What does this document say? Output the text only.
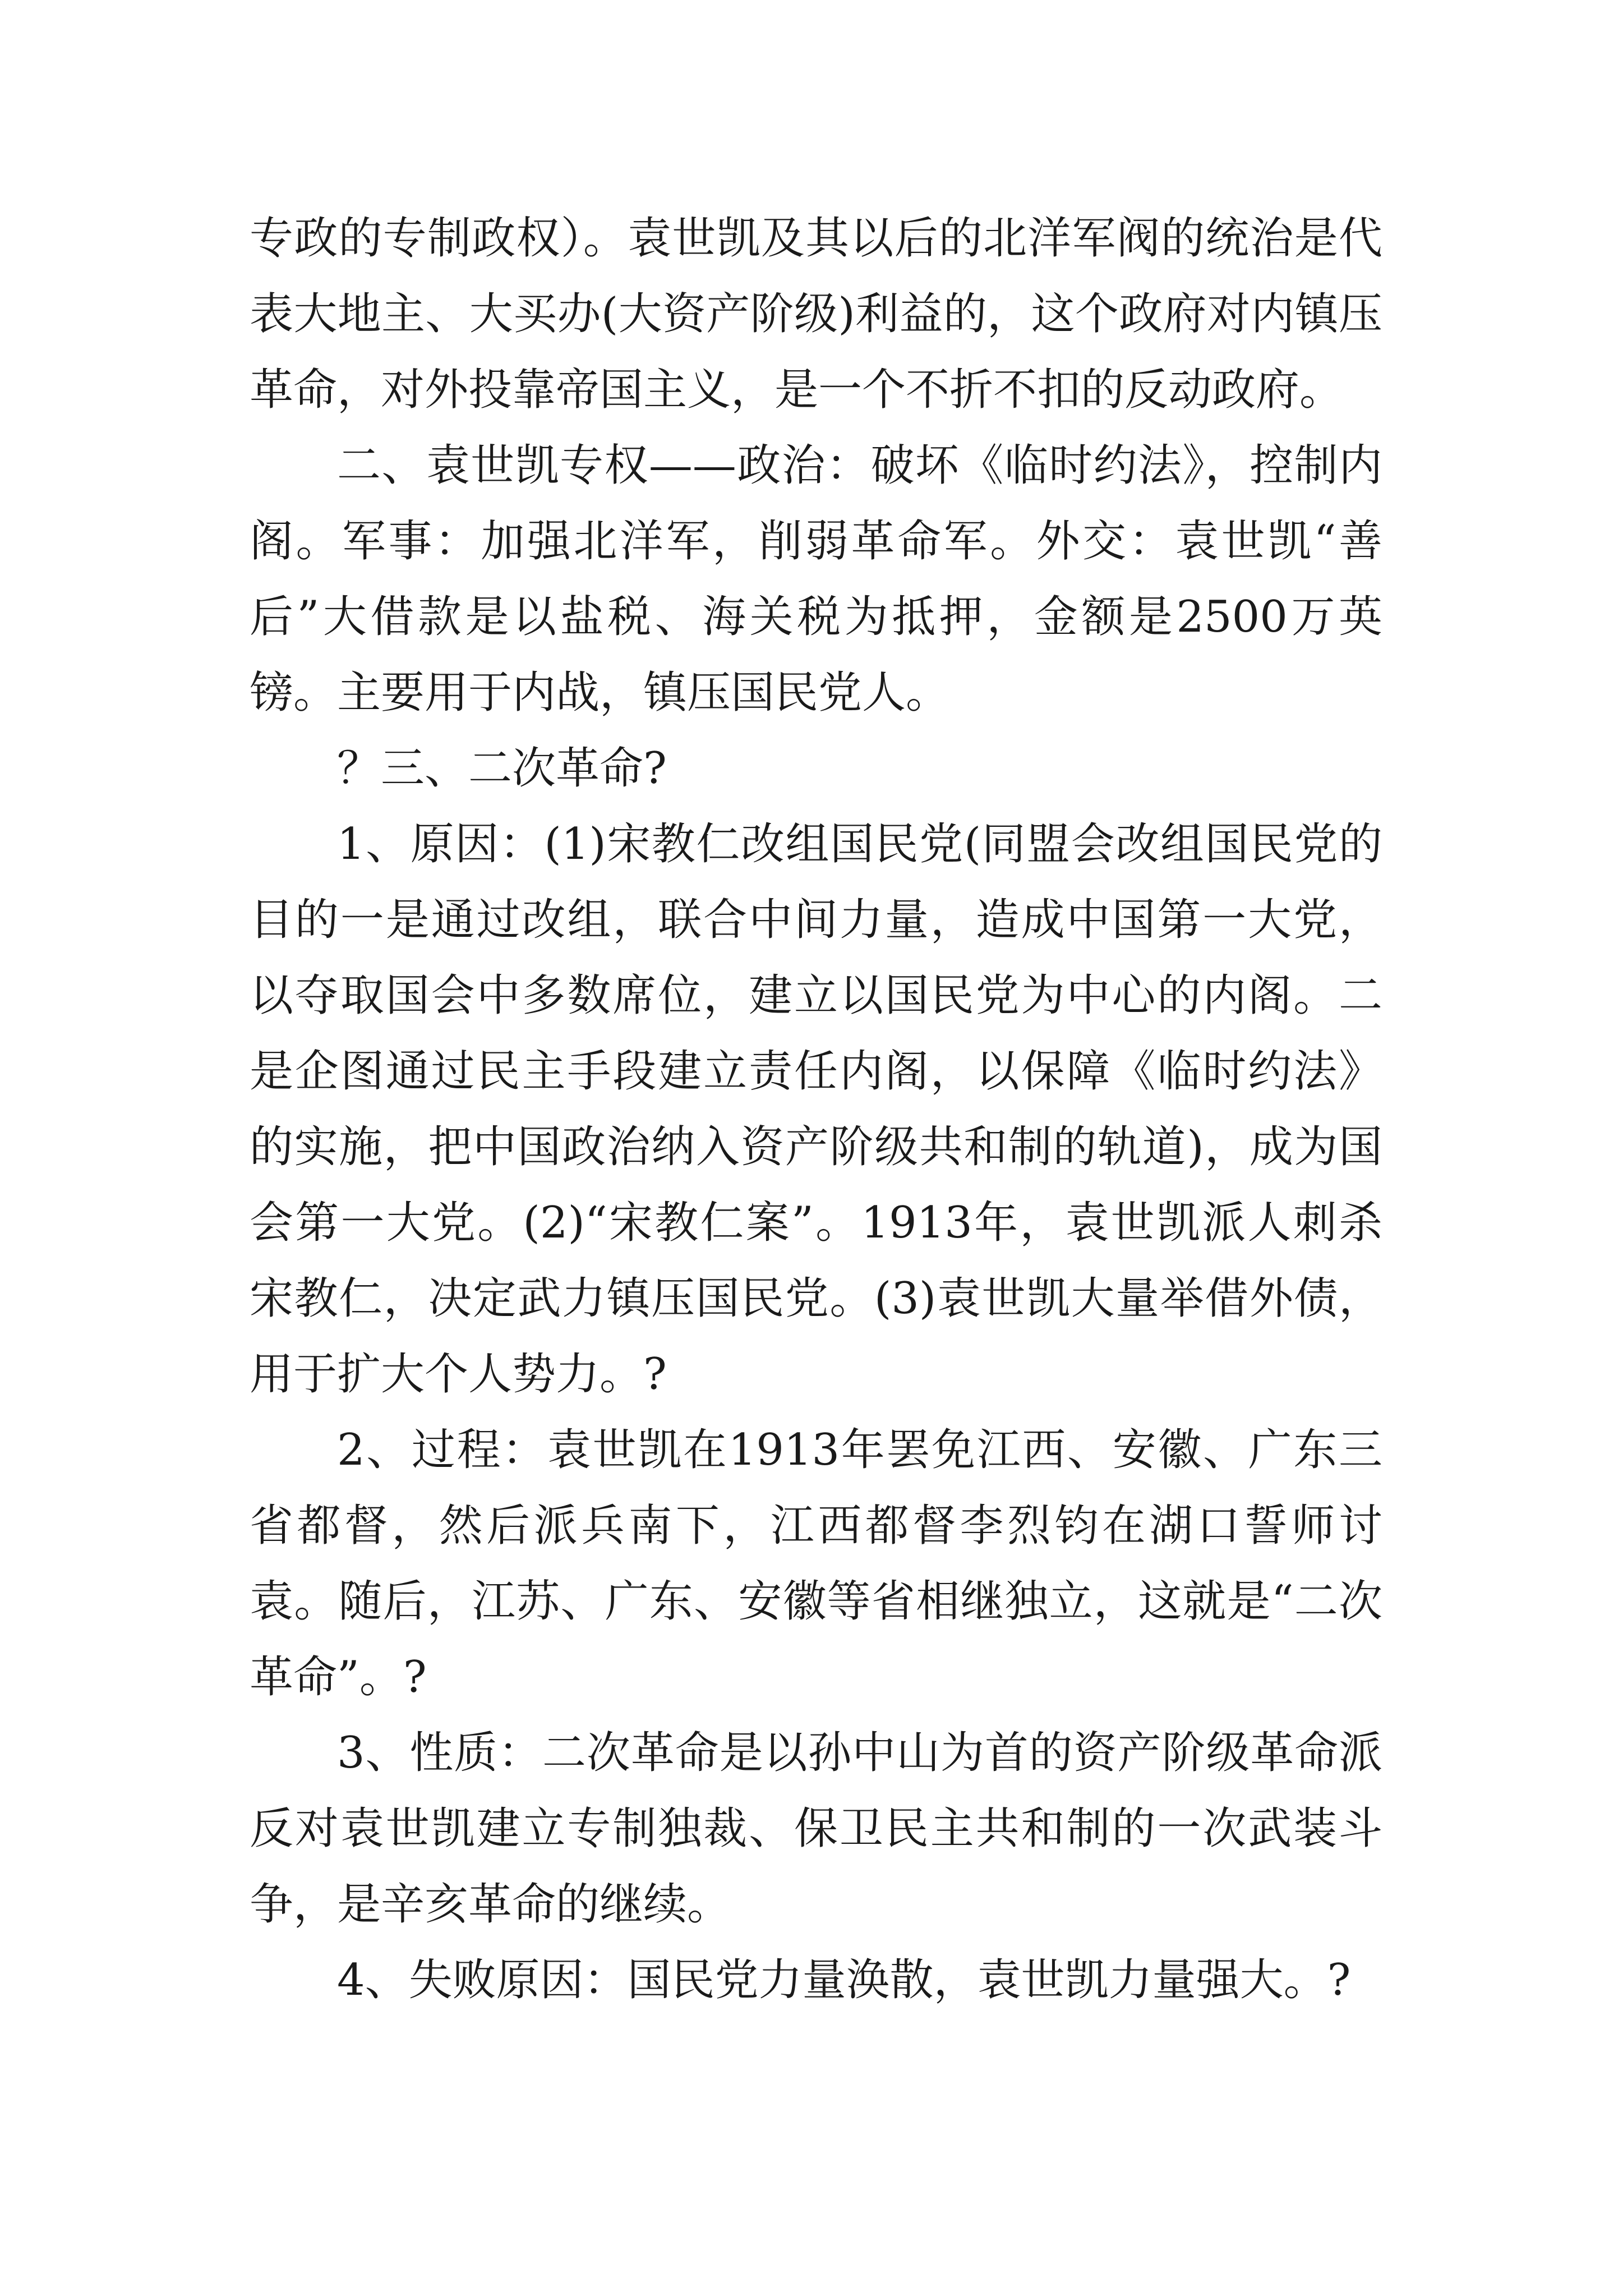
专政的专制政权）。袁世凯及其以后的北洋军阀的统治是代表大地主、大买办(大资产阶级)利益的，这个政府对内镇压革命，对外投靠帝国主义，是一个不折不扣的反动政府。

二、袁世凯专权——政治：破坏《临时约法》，控制内阁。军事：加强北洋军，削弱革命军。外交：袁世凯“善后”大借款是以盐税、海关税为抵押，金额是2500万英镑。主要用于内战，镇压国民党人。

？三、二次革命?

1、原因：(1)宋教仁改组国民党(同盟会改组国民党的目的一是通过改组，联合中间力量，造成中国第一大党，以夺取国会中多数席位，建立以国民党为中心的内阁。二是企图通过民主手段建立责任内阁，以保障《临时约法》的实施，把中国政治纳入资产阶级共和制的轨道)，成为国会第一大党。(2)“宋教仁案”。1913年，袁世凯派人刺杀宋教仁，决定武力镇压国民党。(3)袁世凯大量举借外债，用于扩大个人势力。?

2、过程：袁世凯在1913年罢免江西、安徽、广东三省都督，然后派兵南下，江西都督李烈钧在湖口誓师讨袁。随后，江苏、广东、安徽等省相继独立，这就是“二次革命”。?

3、性质：二次革命是以孙中山为首的资产阶级革命派反对袁世凯建立专制独裁、保卫民主共和制的一次武装斗争，是辛亥革命的继续。

4、失败原因：国民党力量涣散，袁世凯力量强大。?
